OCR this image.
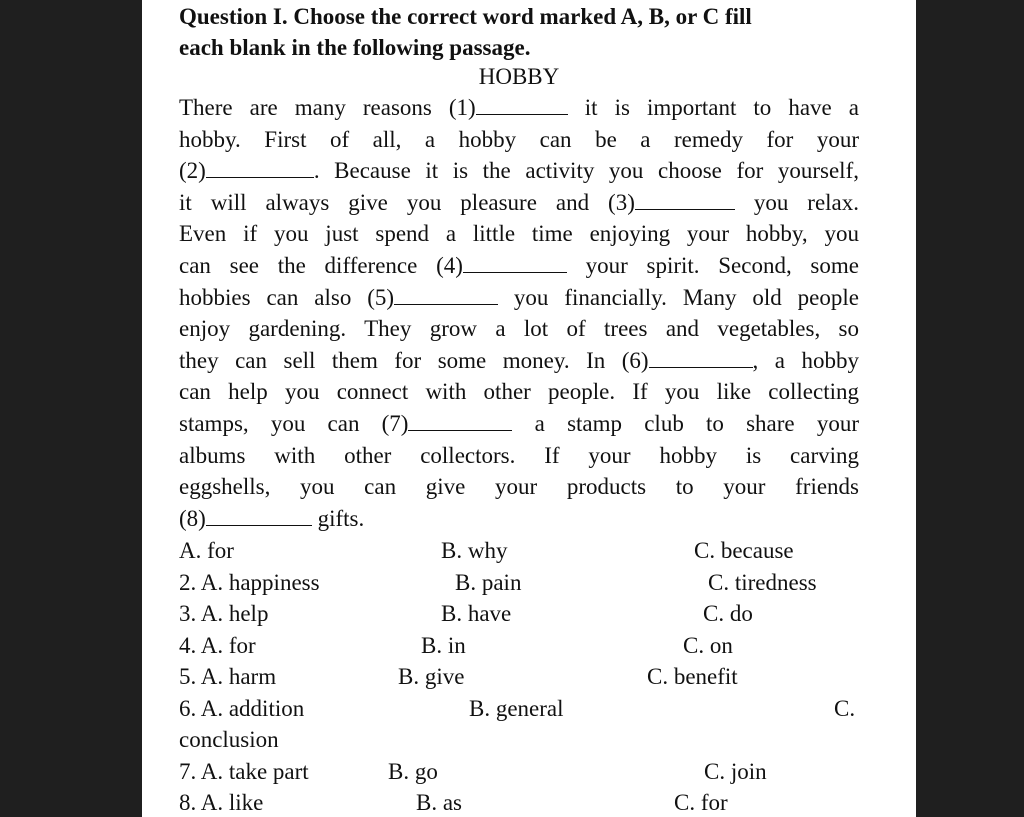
Question I. Choose the correct word marked A, B, or C fill
each blank in the following passage.
HOBBY
There are many reasons (1)	it is important to have a
hobby. First of all, a hobby can be a remedy for your
(2)	. Because it is the activity you choose for yourself,
it will always give you pleasure and (3)	you relax.
Even if you just spend a little time enjoying your hobby, you
can see the difference (4)	your spirit. Second, some
hobbies can also (5)	you financially. Many old people
enjoy gardening. They grow a lot of trees and vegetables, so
they can sell them for some money. In (6)	, a hobby
can help you connect with other people. If you like collecting
stamps, you can (7)	a stamp club to share your
albums with other collectors. If your hobby is carving
eggshells, you can give your products to your friends
(8)	gifts.
A. for	B. why	C. because
2. A. happiness	B. pain	C. tiredness
3. A. help	B. have	C. do
4. A. for	B. in	C. on
5. A. harm	B. give	C. benefit
6. A. addition	B. general	C.
conclusion
7. A. take part	B. go	C. join
8. A. like	B. as	C. for
